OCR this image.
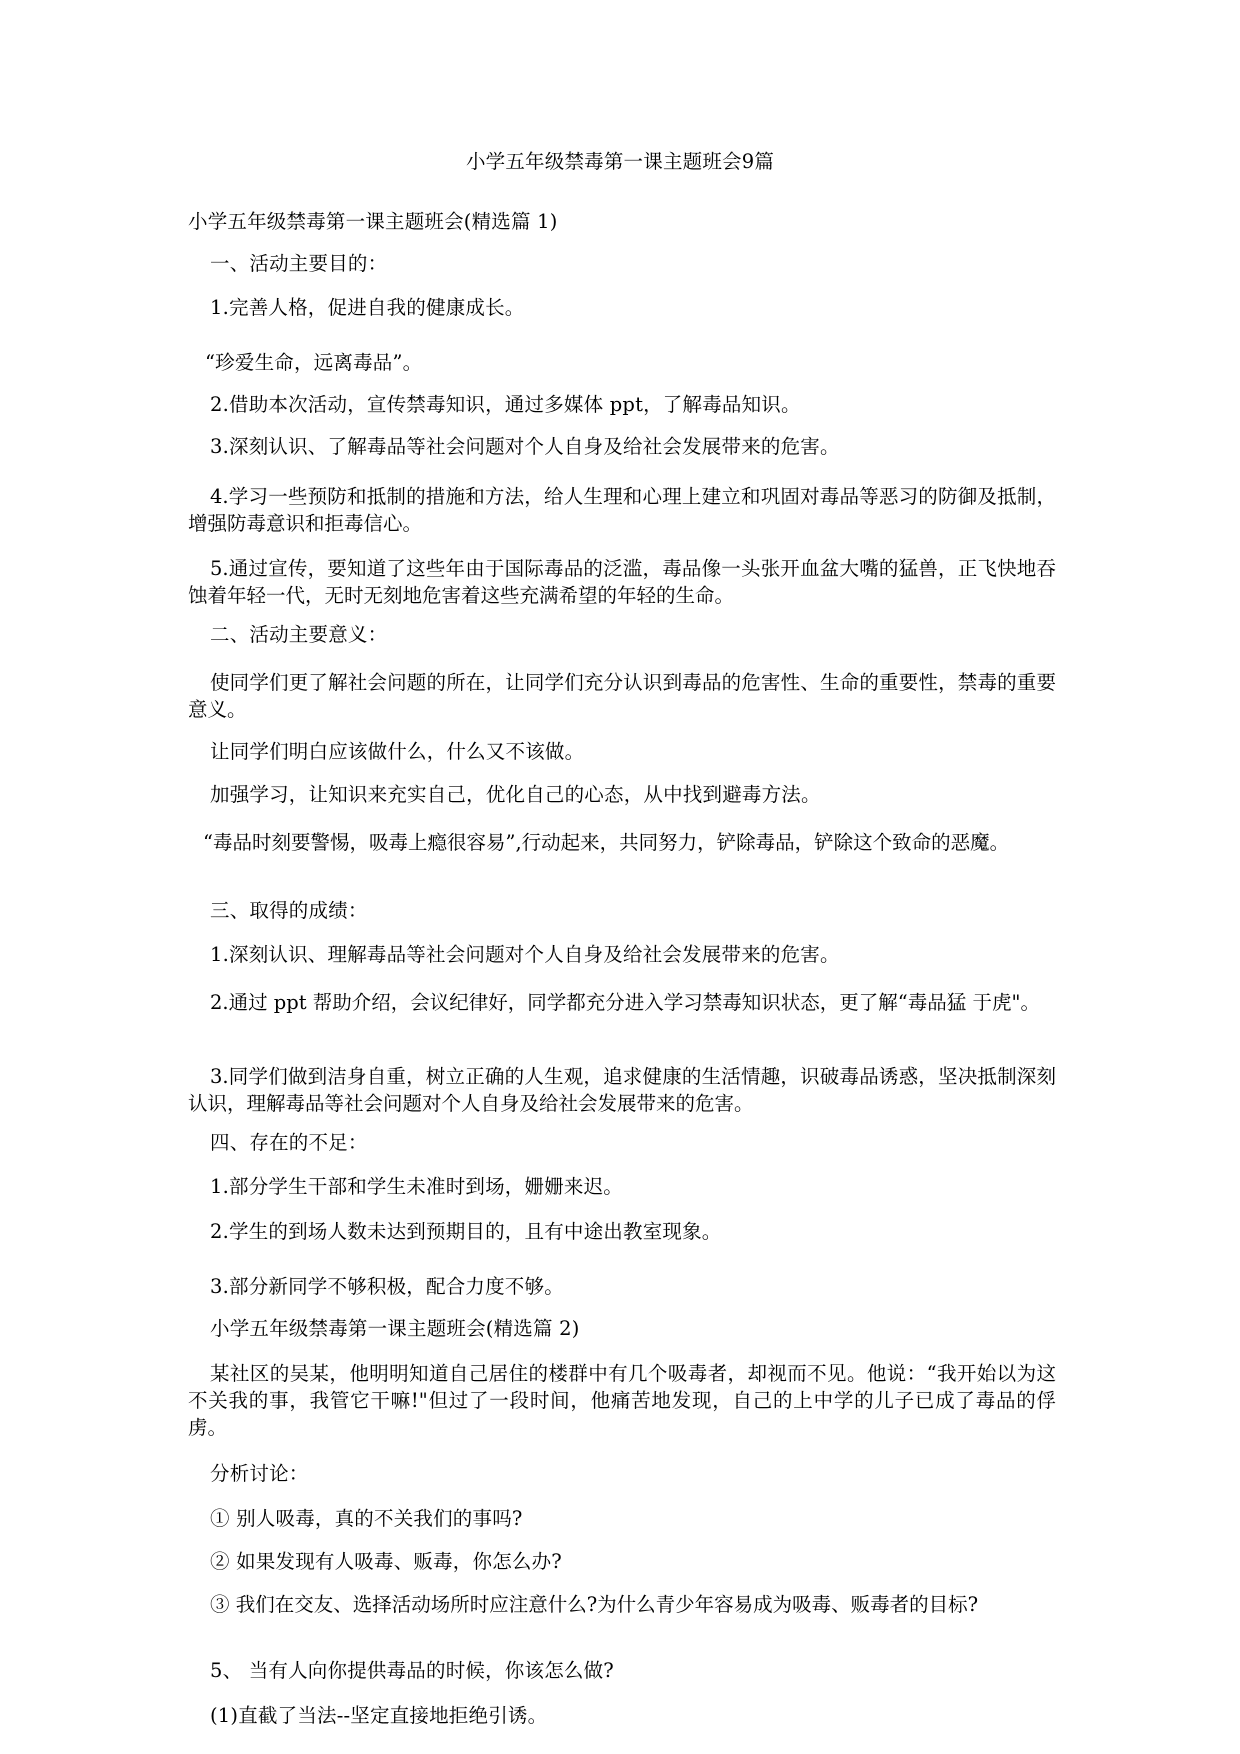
小学五年级禁毒第一课主题班会9篇
小学五年级禁毒第一课主题班会(精选篇 1)
一、活动主要目的：
1.完善人格，促进自我的健康成长。
“珍爱生命，远离毒品”。
2.借助本次活动，宣传禁毒知识，通过多媒体 ppt，了解毒品知识。
3.深刻认识、了解毒品等社会问题对个人自身及给社会发展带来的危害。
4.学习一些预防和抵制的措施和方法，给人生理和心理上建立和巩固对毒品等恶习的防御及抵制，增强防毒意识和拒毒信心。
5.通过宣传，要知道了这些年由于国际毒品的泛滥，毒品像一头张开血盆大嘴的猛兽，正飞快地吞蚀着年轻一代，无时无刻地危害着这些充满希望的年轻的生命。
二、活动主要意义：
使同学们更了解社会问题的所在，让同学们充分认识到毒品的危害性、生命的重要性，禁毒的重要意义。
让同学们明白应该做什么，什么又不该做。
加强学习，让知识来充实自己，优化自己的心态，从中找到避毒方法。
“毒品时刻要警惕，吸毒上瘾很容易”,行动起来，共同努力，铲除毒品，铲除这个致命的恶魔。
三、取得的成绩：
1.深刻认识、理解毒品等社会问题对个人自身及给社会发展带来的危害。
2.通过 ppt 帮助介绍，会议纪律好，同学都充分进入学习禁毒知识状态，更了解“毒品猛 于虎"。
3.同学们做到洁身自重，树立正确的人生观，追求健康的生活情趣，识破毒品诱惑，坚决抵制深刻认识，理解毒品等社会问题对个人自身及给社会发展带来的危害。
四、存在的不足：
1.部分学生干部和学生未准时到场，姗姗来迟。
2.学生的到场人数未达到预期目的，且有中途出教室现象。
3.部分新同学不够积极，配合力度不够。
小学五年级禁毒第一课主题班会(精选篇 2)
某社区的吴某，他明明知道自己居住的楼群中有几个吸毒者，却视而不见。他说：“我开始以为这不关我的事，我管它干嘛!"但过了一段时间，他痛苦地发现，自己的上中学的儿子已成了毒品的俘虏。
分析讨论：
① 别人吸毒，真的不关我们的事吗?
② 如果发现有人吸毒、贩毒，你怎么办?
③ 我们在交友、选择活动场所时应注意什么?为什么青少年容易成为吸毒、贩毒者的目标?
5、 当有人向你提供毒品的时候，你该怎么做?
(1)直截了当法--坚定直接地拒绝引诱。
